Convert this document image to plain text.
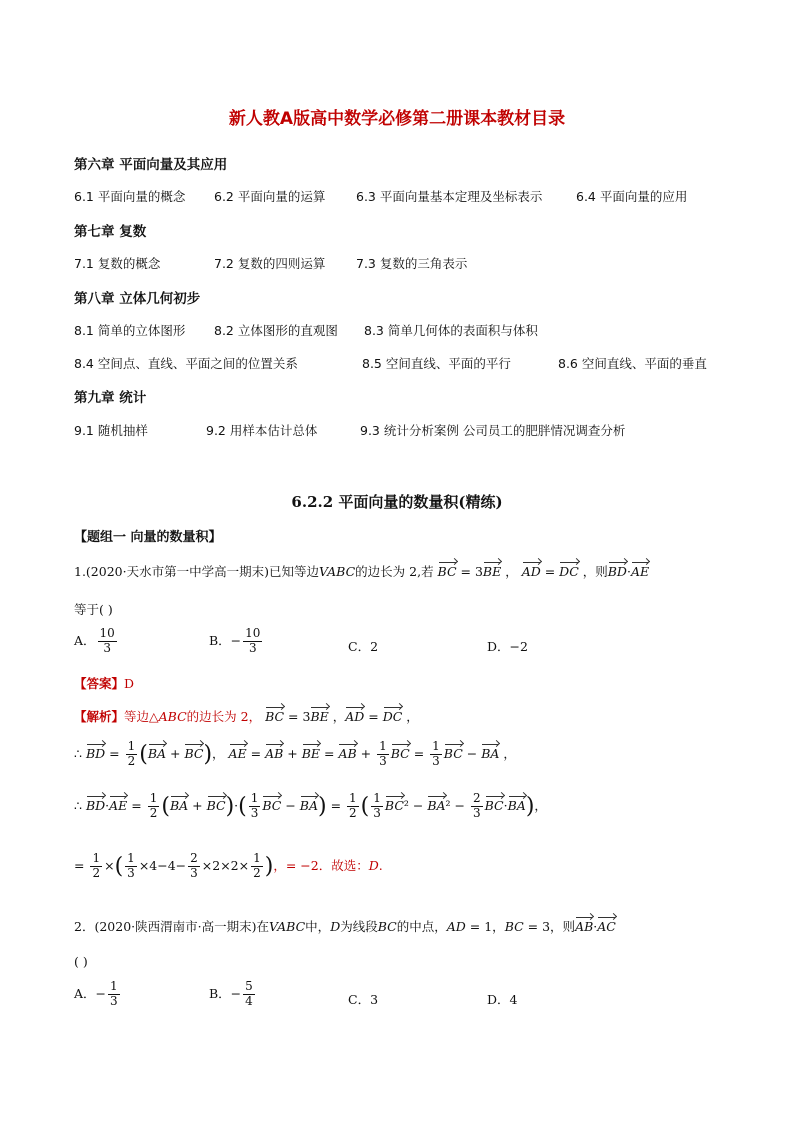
新人教A版高中数学必修第二册课本教材目录
第六章 平面向量及其应用
6.1 平面向量的概念 6.2 平面向量的运算 6.3 平面向量基本定理及坐标表示	6.4 平面向量的应用
第七章 复数
7.1 复数的概念	7.2 复数的四则运算 7.3 复数的三角表示
第八章 立体几何初步
8.1 简单的立体图形 8.2 立体图形的直观图 8.3 简单几何体的表面积与体积
8.4 空间点、直线、平面之间的位置关系	8.5 空间直线、平面的平行	8.6 空间直线、平面的垂直
第九章 统计
9.1 随机抽样	9.2 用样本估计总体	9.3 统计分析案例 公司员工的肥胖情况调查分析
6.2.2 平面向量的数量积(精练)
【题组一 向量的数量积】
1.(2020·天水市第一中学高一期末)已知等边VABC的边长为 2,若 BC = 3BE ， AD = DC ，则BD·AE
等于( )
A． $\frac{10}{3}$	B．− $\frac{10}{3}$	C．2	D．−2
【答案】D
【解析】等边△ABC的边长为 2， BC = 3BE ，AD = DC ，
∴ BD = $\frac{1}{2} (BA + BC)$， AE = AB + BE = AB + $\frac{1}{3}$ BC = $\frac{1}{3}$ BC − BA ，
∴ $BD\cdot AE = \frac{1}{2} (BA + BC)\cdot( \frac{1}{3}$ BC − $BA) = \frac{1}{2}$ ( $\frac{1}{3} BC^2 - BA^2 - \frac{2}{3} BC\cdot BA$)，
= $\frac{1}{2}$ ×( $\frac{1}{3} \times 4-4- \frac{2}{3} \times 2\times 2\times \frac{1}{2}$ )，= −2．故选：D.
2．(2020·陕西渭南市·高一期末)在VABC中，D为线段BC的中点，AD = 1，BC = 3，则AB·AC
( )
A．− $\frac{1}{3}$	B．− $\frac{5}{4}$	C．3	D．4
